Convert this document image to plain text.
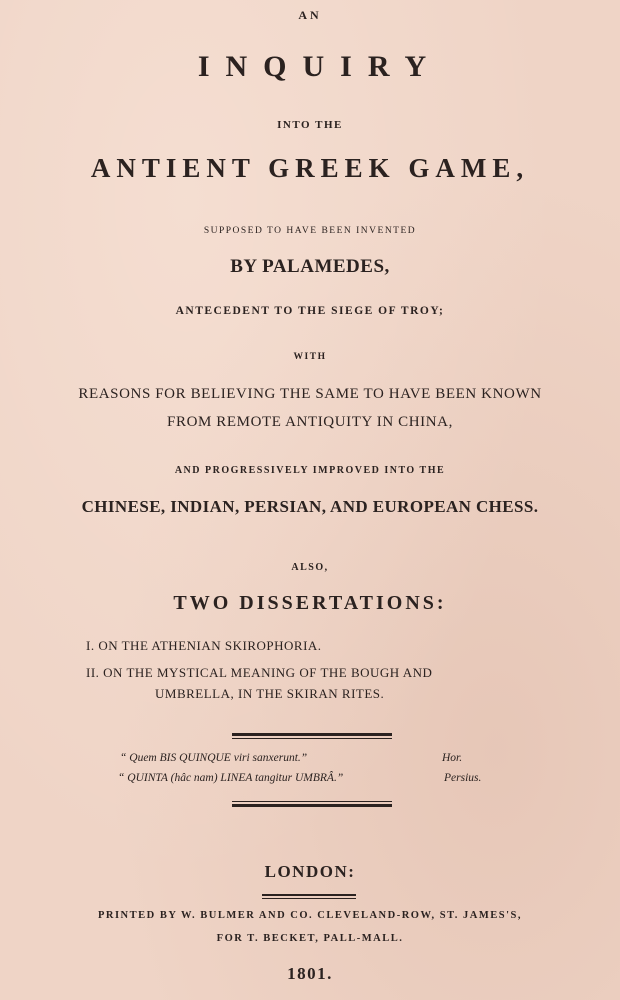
AN
INQUIRY
INTO THE
ANTIENT GREEK GAME,
SUPPOSED TO HAVE BEEN INVENTED
BY PALAMEDES,
ANTECEDENT TO THE SIEGE OF TROY;
WITH
REASONS FOR BELIEVING THE SAME TO HAVE BEEN KNOWN
FROM REMOTE ANTIQUITY IN CHINA,
AND PROGRESSIVELY IMPROVED INTO THE
CHINESE, INDIAN, PERSIAN, AND EUROPEAN CHESS.
ALSO,
TWO DISSERTATIONS:
I. ON THE ATHENIAN SKIROPHORIA.
II. ON THE MYSTICAL MEANING OF THE BOUGH AND
UMBRELLA, IN THE SKIRAN RITES.
“ Quem BIS QUINQUE viri sanxerunt.”	Hor.
“ QUINTA (hâc nam) LINEA tangitur UMBRÂ.”	Persius.
LONDON:
PRINTED BY W. BULMER AND CO. CLEVELAND-ROW, ST. JAMES'S,
FOR T. BECKET, PALL-MALL.
1801.
